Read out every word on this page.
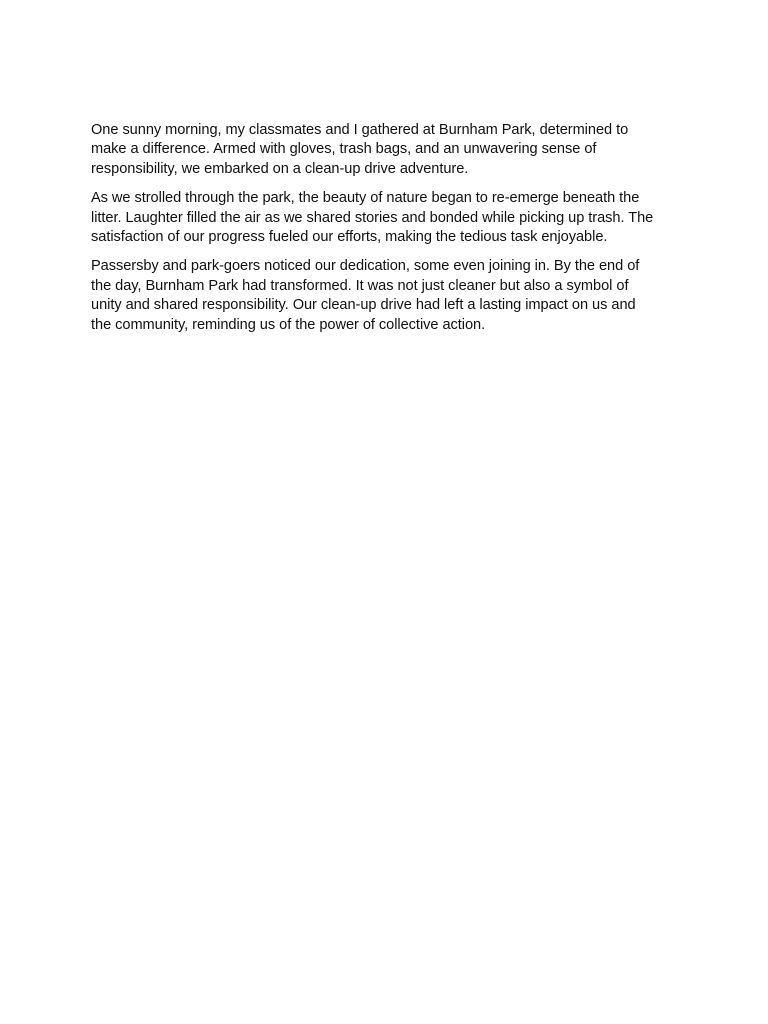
One sunny morning, my classmates and I gathered at Burnham Park, determined to
make a difference. Armed with gloves, trash bags, and an unwavering sense of
responsibility, we embarked on a clean-up drive adventure.

As we strolled through the park, the beauty of nature began to re-emerge beneath the
litter. Laughter filled the air as we shared stories and bonded while picking up trash. The
satisfaction of our progress fueled our efforts, making the tedious task enjoyable.

Passersby and park-goers noticed our dedication, some even joining in. By the end of
the day, Burnham Park had transformed. It was not just cleaner but also a symbol of
unity and shared responsibility. Our clean-up drive had left a lasting impact on us and
the community, reminding us of the power of collective action.
